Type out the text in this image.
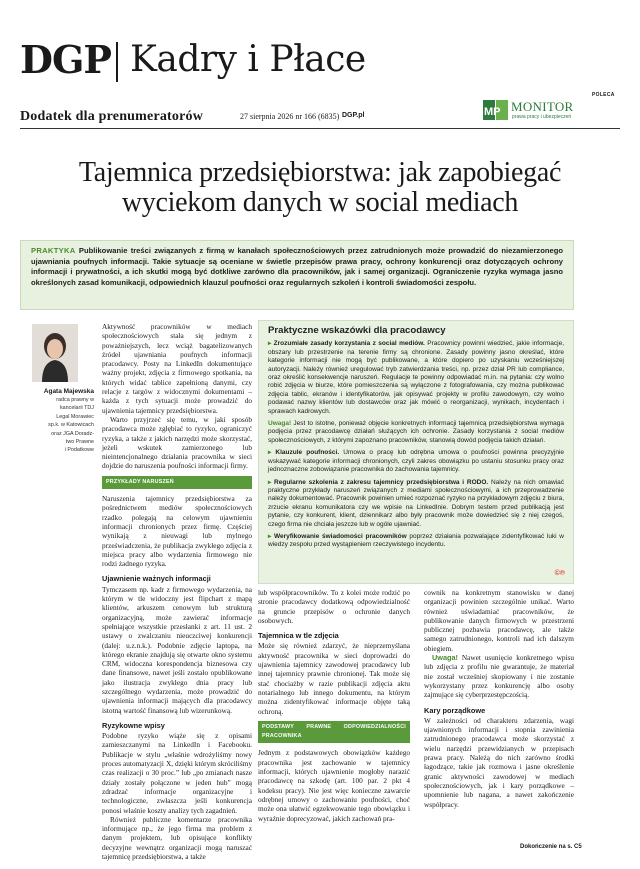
DGP Kadry i Płace
Dodatek dla prenumeratorów	27 sierpnia 2026 nr 166 (6835) DGP.pl
POLECA
MP MONITOR
prawa pracy i ubezpieczeń
Tajemnica przedsiębiorstwa: jak zapobiegać wyciekom danych w social mediach
PRAKTYKA Publikowanie treści związanych z firmą w kanałach społecznościowych przez zatrudnionych może prowadzić do niezamierzonego ujawniania poufnych informacji. Takie sytuacje są oceniane w świetle przepisów prawa pracy, ochrony konkurencji oraz dotyczących ochrony informacji i prywatności, a ich skutki mogą być dotkliwe zarówno dla pracowników, jak i samej organizacji. Ograniczenie ryzyka wymaga jasno określonych zasad komunikacji, odpowiednich klauzul poufności oraz regularnych szkoleń i kontroli świadomości zespołu.
Agata Majewska
radca prawny w
kancelarii TDJ
Legal Morawiec
sp.k. w Katowicach
oraz JGA Doradz-
two Prawne
i Podatkowe

Aktywność pracowników w mediach społecznościowych stała się jednym z poważniejszych, lecz wciąż bagatelizowanych źródeł ujawniania poufnych informacji pracodawcy. Posty na LinkedIn dokumentujące ważny projekt, zdjęcia z firmowego spotkania, na których widać tablice zapełnioną danymi, czy relacje z targów z widocznymi dokumentami – każda z tych sytuacji może prowadzić do ujawnienia tajemnicy przedsiębiorstwa.

Warto przyjrzeć się temu, w jaki sposób pracodawca może zgłębiać to ryzyko, ograniczyć ryzyka, a także z jakich narzędzi może skorzystać, jeżeli wskutek zamierzonego lub nieintencjonalnego działania pracownika w sieci dojdzie do naruszenia poufności informacji firmy.

PRZYKŁADY NARUSZEŃ

Naruszenia tajemnicy przedsiębiorstwa za pośrednictwem mediów społecznościowych rzadko polegają na celowym ujawnieniu informacji chronionych przez firmę. Częściej wynikają z nieuwagi lub mylnego przeświadczenia, że publikacja zwykłego zdjęcia z miejsca pracy albo wydarzenia firmowego nie rodzi żadnego ryzyka.

Ujawnienie ważnych informacji

Tymczasem np. kadr z firmowego wydarzenia, na którym w tle widoczny jest flipchart z mapą klientów, arkuszem cenowym lub strukturą organizacyjną, może zawierać informacje spełniające wszystkie przesłanki z art. 11 ust. 2 ustawy o zwalczaniu nieuczciwej konkurencji (dalej: u.z.n.k.). Podobnie zdjęcie laptopa, na którego ekranie znajdują się otwarte okno systemu CRM, widoczna korespondencja biznesowa czy dane finansowe, nawet jeśli zostało opublikowane jako ilustracja zwykłego dnia pracy lub szczególnego wydarzenia, może prowadzić do ujawnienia informacji mających dla pracodawcy istotną wartość finansową lub wizerunkową.

Ryzykowne wpisy

Podobne ryzyko wiąże się z opisami zamieszczanymi na LinkedIn i Facebooku. Publikacje w stylu „właśnie wdrożyliśmy nowy proces automatyzacji X, dzięki którym skróciliśmy czas realizacji o 30 proc.” lub „po zmianach nasze działy zostały połączone w jeden hub” mogą zdradzać informacje organizacyjne i technologiczne, zwłaszcza jeśli konkurencja ponosi właśnie koszty analizy tych zagadnień.

Również publiczne komentarze pracownika informujące np., że jego firma ma problem z danym projektem, lub opisujące konflikty decyzyjne wewnątrz organizacji mogą naruszać tajemnicę przedsiębiorstwa, a także

Praktyczne wskazówki dla pracodawcy

▸ Zrozumiałe zasady korzystania z social mediów. Pracownicy powinni wiedzieć, jakie informacje, obszary lub przestrzenie na terenie firmy są chronione. Zasady powinny jasno określać, które kategorie informacji nie mogą być publikowane, a które dopiero po uzyskaniu wcześniejszej autoryzacji. Należy również uregulować tryb zatwierdzania treści, np. przez dział PR lub compliance, oraz określić konsekwencje naruszeń. Regulacje te powinny odpowiadać m.in. na pytania: czy wolno robić zdjęcia w biurze, które pomieszczenia są wyłączone z fotografowania, czy można publikować zdjęcia tablic, ekranów i identyfikatorów, jak opisywać projekty w profilu zawodowym, czy wolno podawać nazwy klientów lub dostawców oraz jak mówić o reorganizacji, wynikach, incydentach i sprawach kadrowych.

Uwaga! Jest to istotne, ponieważ objęcie konkretnych informacji tajemnicą przedsiębiorstwa wymaga podjęcia przez pracodawcę działań służących ich ochronie. Zasady korzystania z social mediów społecznościowych, z którymi zapoznano pracowników, stanowią dowód podjęcia takich działań.

▸ Klauzule poufności. Umowa o pracę lub odrębna umowa o poufności powinna precyzyjnie wskazywać kategorie informacji chronionych, czyli zakres obowiązku po ustaniu stosunku pracy oraz jednoznaczne zobowiązanie pracownika do zachowania tajemnicy.

▸ Regularne szkolenia z zakresu tajemnicy przedsiębiorstwa i RODO. Należy na nich omawiać praktyczne przykłady naruszeń związanych z mediami społecznościowymi, a ich przeprowadzenie należy dokumentować. Pracownik powinien umieć rozpoznać ryzyko na przykładowym zdjęciu z biura, zrzucie ekranu komunikatora czy we wpisie na LinkedInie. Dobrym testem przed publikacją jest pytanie, czy konkurent, klient, dziennikarz albo były pracownik może dowiedzieć się z niej czegoś, czego firma nie chciała jeszcze lub w ogóle ujawniać.

▸ Weryfikowanie świadomości pracowników poprzez działania pozwalające zidentyfikować luki w wiedzy zespołu przed wystąpieniem rzeczywistego incydentu.

©℗

lub współpracowników. To z kolei może rodzić po stronie pracodawcy dodatkową odpowiedzialność na gruncie przepisów o ochronie danych osobowych.

Tajemnica w tle zdjęcia

Może się również zdarzyć, że nieprzemyślana aktywność pracownika w sieci doprowadzi do ujawnienia tajemnicy zawodowej pracodawcy lub innej tajemnicy prawnie chronionej. Tak może się stać chociażby w razie publikacji zdjęcia aktu notarialnego lub innego dokumentu, na którym można zidentyfikować informacje objęte taką ochroną.

PODSTAWY PRAWNE ODPOWIEDZIALNOŚCI PRACOWNIKA

Jednym z podstawowych obowiązków każdego pracownika jest zachowanie w tajemnicy informacji, których ujawnienie mogłoby narazić pracodawcę na szkodę (art. 100 par. 2 pkt 4 kodeksu pracy). Nie jest więc konieczne zawarcie odrębnej umowy o zachowaniu poufności, choć może ona ułatwić egzekwowanie tego obowiązku i wyraźnie doprecyzować, jakich zachowań pra-

cownik na konkretnym stanowisku w danej organizacji powinien szczególnie unikać. Warto również uświadamiać pracowników, że publikowanie danych firmowych w przestrzeni publicznej pozbawia pracodawcę, ale także samego zatrudnionego, kontroli nad ich dalszym obiegiem.

Uwaga! Nawet usunięcie konkretnego wpisu lub zdjęcia z profilu nie gwarantuje, że materiał nie został wcześniej skopiowany i nie zostanie wykorzystany przez konkurencję albo osoby zajmujące się cyberprzestępczością.

Kary porządkowe

W zależności od charakteru zdarzenia, wagi ujawnionych informacji i stopnia zawinienia zatrudnionego pracodawca może skorzystać z wielu narzędzi przewidzianych w przepisach prawa pracy. Należą do nich zarówno środki łagodzące, takie jak rozmowa i jasne określenie granic aktywności zawodowej w mediach społecznościowych, jak i kary porządkowe – upomnienie lub nagana, a nawet zakończenie współpracy.

Dokończenie na s. C5
